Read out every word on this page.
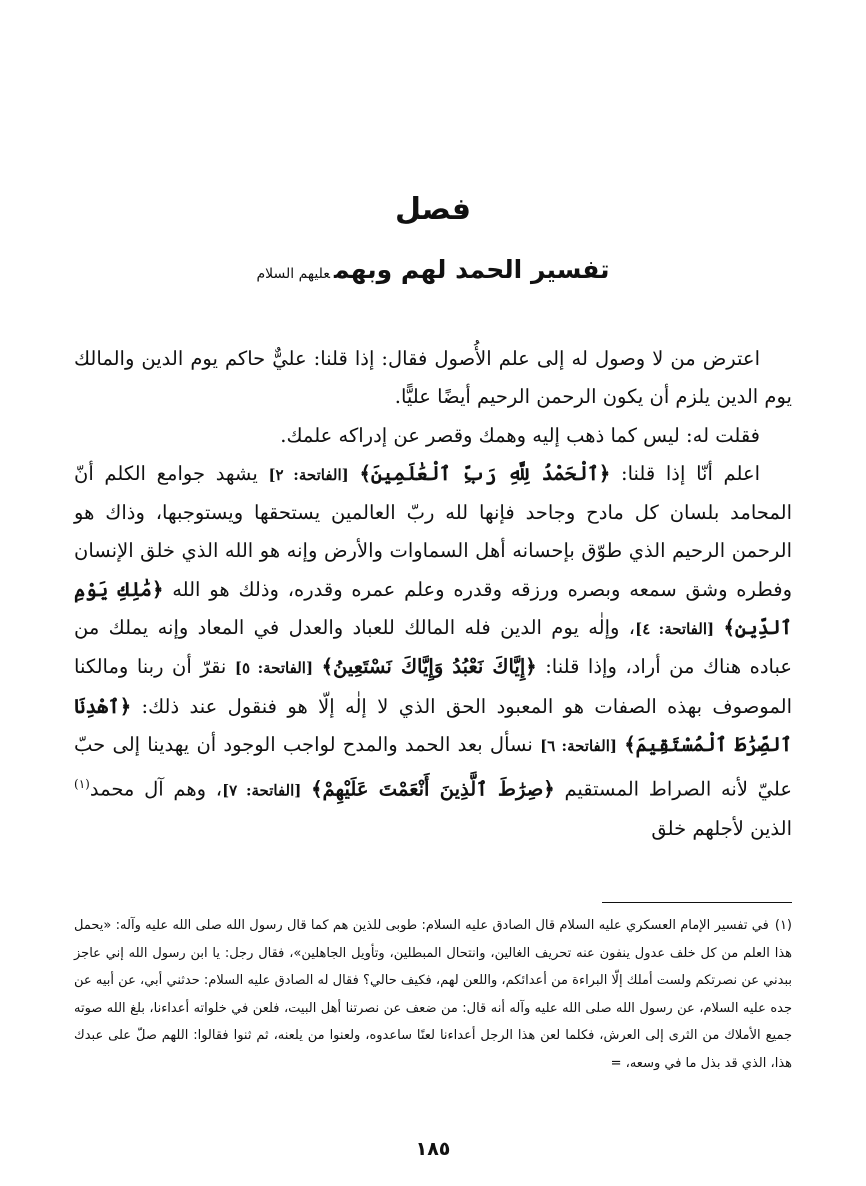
فصل
تفسير الحمد لهم وبهمعليهم السلام

اعترض من لا وصول له إلى علم الأُصول فقال: إذا قلنا: عليٌّ حاكم يوم الدين والمالك يوم الدين يلزم أن يكون الرحمن الرحيم أيضًا عليًّا.

فقلت له: ليس كما ذهب إليه وهمك وقصر عن إدراكه علمك.

اعلم أنّا إذا قلنا: ﴿ٱلْحَمْدُ لِلَّهِ رَبِّ ٱلْعَٰلَمِينَ﴾ [الفاتحة: ٢] يشهد جوامع الكلم أنّ المحامد بلسان كل مادح وجاحد فإنها لله ربّ العالمين يستحقها ويستوجبها، وذاك هو الرحمن الرحيم الذي طوّق بإحسانه أهل السماوات والأرض وإنه هو الله الذي خلق الإنسان وفطره وشق سمعه وبصره ورزقه وقدره وعلم عمره وقدره، وذلك هو الله ﴿مَٰلِكِ يَوْمِ ٱلدِّينِ﴾ [الفاتحة: ٤]، وإلٰه يوم الدين فله المالك للعباد والعدل في المعاد وإنه يملك من عباده هناك من أراد، وإذا قلنا: ﴿إِيَّاكَ نَعْبُدُ وَإِيَّاكَ نَسْتَعِينُ﴾ [الفاتحة: ٥] نقرّ أن ربنا ومالكنا الموصوف بهذه الصفات هو المعبود الحق الذي لا إلٰه إلّا هو فنقول عند ذلك: ﴿ٱهْدِنَا ٱلصِّرَٰطَ ٱلْمُسْتَقِيمَ﴾ [الفاتحة: ٦] نسأل بعد الحمد والمدح لواجب الوجود أن يهدينا إلى حبّ عليّ لأنه الصراط المستقيم ﴿صِرَٰطَ ٱلَّذِينَ أَنْعَمْتَ عَلَيْهِمْ﴾ [الفاتحة: ٧]، وهم آل محمد$^{(١)}$ الذين لأجلهم خلق

(١)في تفسير الإمام العسكري عليه السلام قال الصادق عليه السلام: طوبى للذين هم كما قال رسول الله صلى الله عليه وآله: «يحمل هذا العلم من كل خلف عدول ينفون عنه تحريف الغالين، وانتحال المبطلين، وتأويل الجاهلين»، فقال رجل: يا ابن رسول الله إني عاجز ببدني عن نصرتكم ولست أملك إلّا البراءة من أعدائكم، واللعن لهم، فكيف حالي؟ فقال له الصادق عليه السلام: حدثني أبي، عن أبيه عن جده عليه السلام، عن رسول الله صلى الله عليه وآله أنه قال: من ضعف عن نصرتنا أهل البيت، فلعن في خلواته أعداءنا، بلغ الله صوته جميع الأملاك من الثرى إلى العرش، فكلما لعن هذا الرجل أعداءنا لعنًا ساعدوه، ولعنوا من يلعنه، ثم ثنوا فقالوا: اللهم صلّ على عبدك هذا، الذي قد بذل ما في وسعه، =

١٨٥
